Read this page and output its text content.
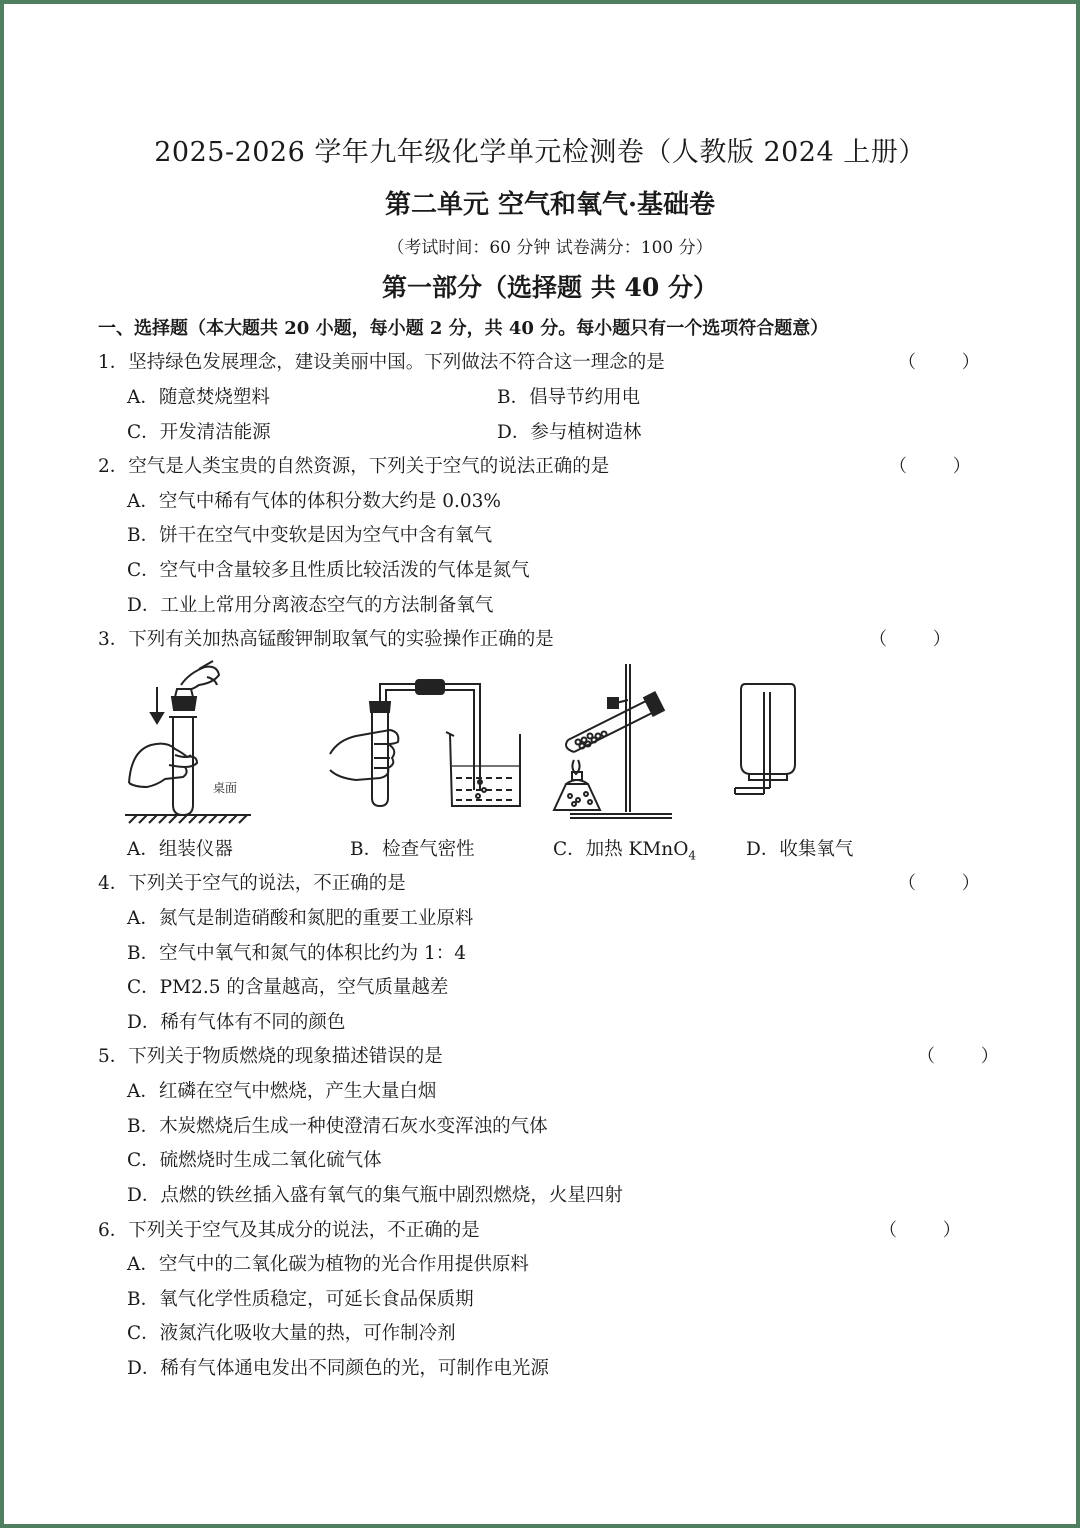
2025-2026 学年九年级化学单元检测卷（人教版 2024 上册）
第二单元 空气和氧气·基础卷
（考试时间：60 分钟 试卷满分：100 分）
第一部分（选择题 共 40 分）
一、选择题（本大题共 20 小题，每小题 2 分，共 40 分。每小题只有一个选项符合题意）
1．坚持绿色发展理念，建设美丽中国。下列做法不符合这一理念的是	（        ）
A．随意焚烧塑料	B．倡导节约用电
C．开发清洁能源	D．参与植树造林
2．空气是人类宝贵的自然资源，下列关于空气的说法正确的是	（        ）
A．空气中稀有气体的体积分数大约是 0.03%
B．饼干在空气中变软是因为空气中含有氧气
C．空气中含量较多且性质比较活泼的气体是氮气
D．工业上常用分离液态空气的方法制备氧气
3．下列有关加热高锰酸钾制取氧气的实验操作正确的是	（        ）
桌面
A．组装仪器	B．检查气密性	C．加热 KMnO$_4$	D．收集氧气
4．下列关于空气的说法，不正确的是	（        ）
A．氮气是制造硝酸和氮肥的重要工业原料
B．空气中氧气和氮气的体积比约为 1：4
C．PM2.5 的含量越高，空气质量越差
D．稀有气体有不同的颜色
5．下列关于物质燃烧的现象描述错误的是	（        ）
A．红磷在空气中燃烧，产生大量白烟
B．木炭燃烧后生成一种使澄清石灰水变浑浊的气体
C．硫燃烧时生成二氧化硫气体
D．点燃的铁丝插入盛有氧气的集气瓶中剧烈燃烧，火星四射
6．下列关于空气及其成分的说法，不正确的是	（        ）
A．空气中的二氧化碳为植物的光合作用提供原料
B．氧气化学性质稳定，可延长食品保质期
C．液氮汽化吸收大量的热，可作制冷剂
D．稀有气体通电发出不同颜色的光，可制作电光源
